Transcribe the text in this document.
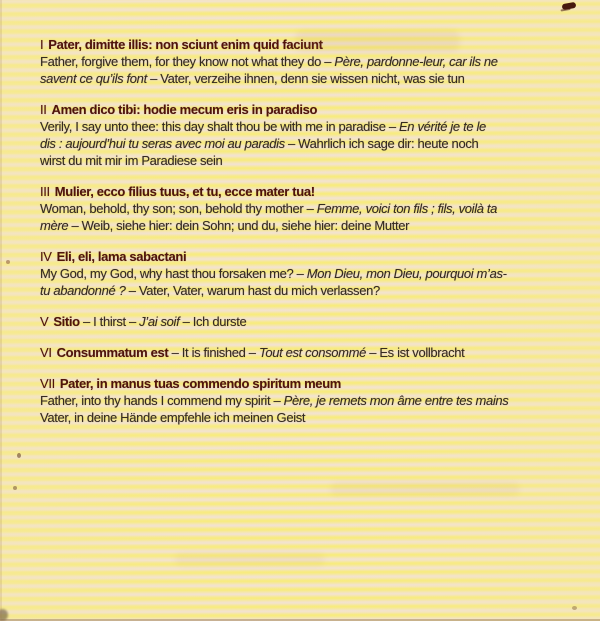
I Pater, dimitte illis: non sciunt enim quid faciunt
Father, forgive them, for they know not what they do – Père, pardonne-leur, car ils ne
savent ce qu’ils font – Vater, verzeihe ihnen, denn sie wissen nicht, was sie tun
II Amen dico tibi: hodie mecum eris in paradiso
Verily, I say unto thee: this day shalt thou be with me in paradise – En vérité je te le
dis : aujourd’hui tu seras avec moi au paradis – Wahrlich ich sage dir: heute noch
wirst du mit mir im Paradiese sein
III Mulier, ecco filius tuus, et tu, ecce mater tua!
Woman, behold, thy son; son, behold thy mother – Femme, voici ton fils ; fils, voilà ta
mère – Weib, siehe hier: dein Sohn; und du, siehe hier: deine Mutter
IV Eli, eli, lama sabactani
My God, my God, why hast thou forsaken me? – Mon Dieu, mon Dieu, pourquoi m’as-
tu abandonné ? – Vater, Vater, warum hast du mich verlassen?
V Sitio – I thirst – J’ai soif – Ich durste
VI Consummatum est – It is finished – Tout est consommé – Es ist vollbracht
VII Pater, in manus tuas commendo spiritum meum
Father, into thy hands I commend my spirit – Père, je remets mon âme entre tes mains
Vater, in deine Hände empfehle ich meinen Geist
